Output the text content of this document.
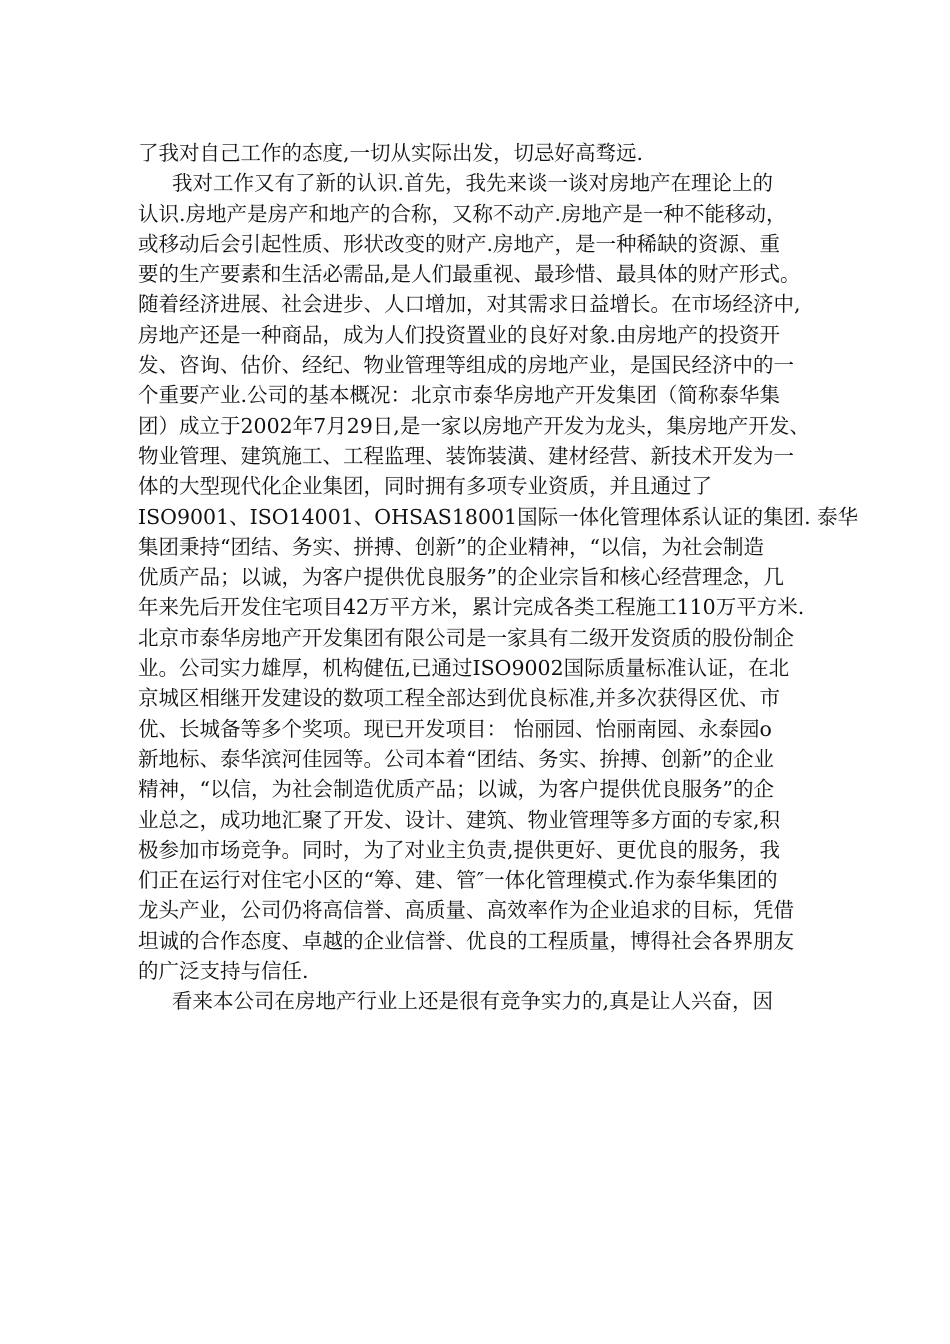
了我对自己工作的态度,一切从实际出发，切忌好高骛远.
我对工作又有了新的认识.首先，我先来谈一谈对房地产在理论上的
认识.房地产是房产和地产的合称，又称不动产.房地产是一种不能移动，
或移动后会引起性质、形状改变的财产.房地产，是一种稀缺的资源、重
要的生产要素和生活必需品,是人们最重视、最珍惜、最具体的财产形式。
随着经济进展、社会进步、人口增加，对其需求日益增长。在市场经济中,
房地产还是一种商品，成为人们投资置业的良好对象.由房地产的投资开
发、咨询、估价、经纪、物业管理等组成的房地产业，是国民经济中的一
个重要产业.公司的基本概况：北京市泰华房地产开发集团（简称泰华集
团）成立于2002年7月29日,是一家以房地产开发为龙头，集房地产开发、
物业管理、建筑施工、工程监理、装饰装潢、建材经营、新技术开发为一
体的大型现代化企业集团，同时拥有多项专业资质，并且通过了
ISO9001、ISO14001、OHSAS18001国际一体化管理体系认证的集团. 泰华
集团秉持“团结、务实、拼搏、创新”的企业精神，“以信，为社会制造
优质产品；以诚，为客户提供优良服务”的企业宗旨和核心经营理念，几
年来先后开发住宅项目42万平方米，累计完成各类工程施工110万平方米.
北京市泰华房地产开发集团有限公司是一家具有二级开发资质的股份制企
业。公司实力雄厚，机构健伍,已通过ISO9002国际质量标准认证，在北
京城区相继开发建设的数项工程全部达到优良标准,并多次获得区优、市
优、长城备等多个奖项。现已开发项目： 怡丽园、怡丽南园、永泰园o
新地标、泰华滨河佳园等。公司本着“团结、务实、拚搏、创新”的企业
精神，“以信，为社会制造优质产品；以诚，为客户提供优良服务”的企
业总之，成功地汇聚了开发、设计、建筑、物业管理等多方面的专家,积
极参加市场竞争。同时，为了对业主负责,提供更好、更优良的服务，我
们正在运行对住宅小区的“筹、建、管″一体化管理模式.作为泰华集团的
龙头产业，公司仍将高信誉、高质量、高效率作为企业追求的目标，凭借
坦诚的合作态度、卓越的企业信誉、优良的工程质量，博得社会各界朋友
的广泛支持与信任.
看来本公司在房地产行业上还是很有竞争实力的,真是让人兴奋，因
